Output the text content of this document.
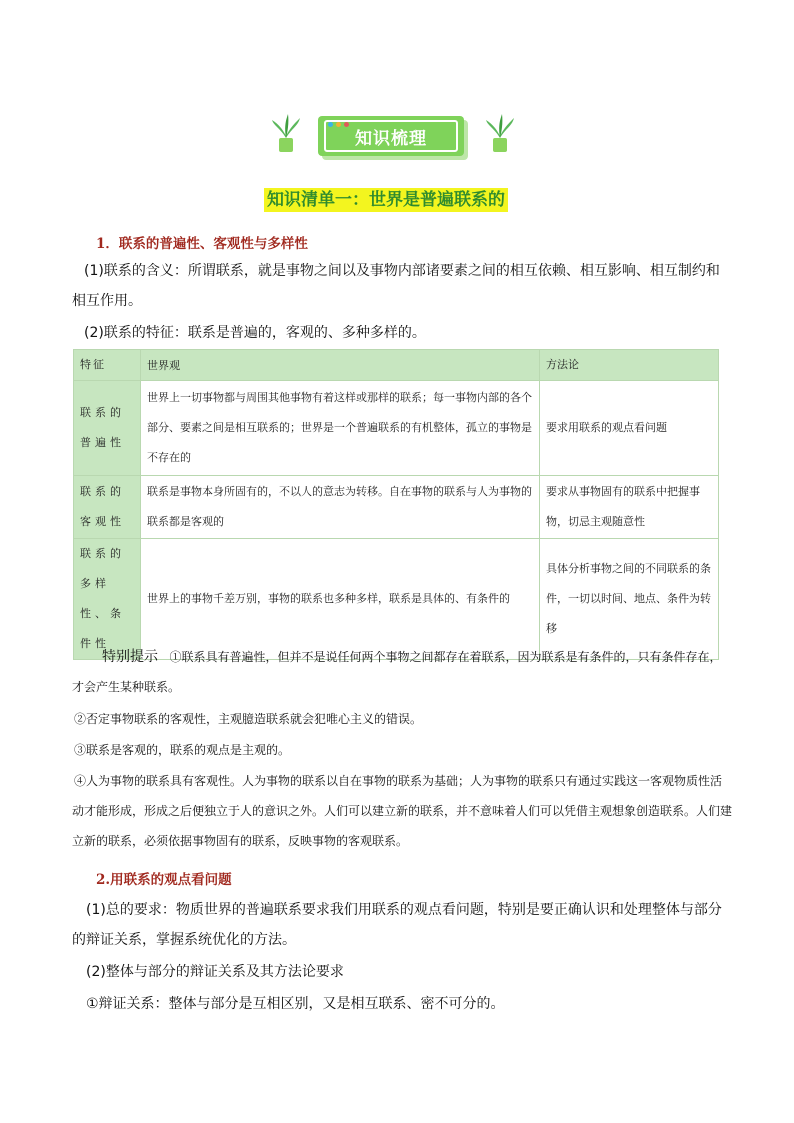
知识梳理
知识清单一：世界是普遍联系的
1．联系的普遍性、客观性与多样性
(1)联系的含义：所谓联系，就是事物之间以及事物内部诸要素之间的相互依赖、相互影响、相互制约和相互作用。
(2)联系的特征：联系是普遍的，客观的、多种多样的。
特征	世界观	方法论
联系的普遍性	世界上一切事物都与周围其他事物有着这样或那样的联系；每一事物内部的各个部分、要素之间是相互联系的；世界是一个普遍联系的有机整体，孤立的事物是不存在的	要求用联系的观点看问题
联系的客观性	联系是事物本身所固有的，不以人的意志为转移。自在事物的联系与人为事物的联系都是客观的	要求从事物固有的联系中把握事物，切忌主观随意性
联系的多样性、条件性	世界上的事物千差万别，事物的联系也多种多样，联系是具体的、有条件的	具体分析事物之间的不同联系的条件，一切以时间、地点、条件为转移
特别提示 ①联系具有普遍性，但并不是说任何两个事物之间都存在着联系，因为联系是有条件的，只有条件存在，才会产生某种联系。
②否定事物联系的客观性，主观臆造联系就会犯唯心主义的错误。
③联系是客观的，联系的观点是主观的。
④人为事物的联系具有客观性。人为事物的联系以自在事物的联系为基础；人为事物的联系只有通过实践这一客观物质性活动才能形成，形成之后便独立于人的意识之外。人们可以建立新的联系，并不意味着人们可以凭借主观想象创造联系。人们建立新的联系，必须依据事物固有的联系，反映事物的客观联系。
2.用联系的观点看问题
(1)总的要求：物质世界的普遍联系要求我们用联系的观点看问题，特别是要正确认识和处理整体与部分的辩证关系，掌握系统优化的方法。
(2)整体与部分的辩证关系及其方法论要求
①辩证关系：整体与部分是互相区别，又是相互联系、密不可分的。
